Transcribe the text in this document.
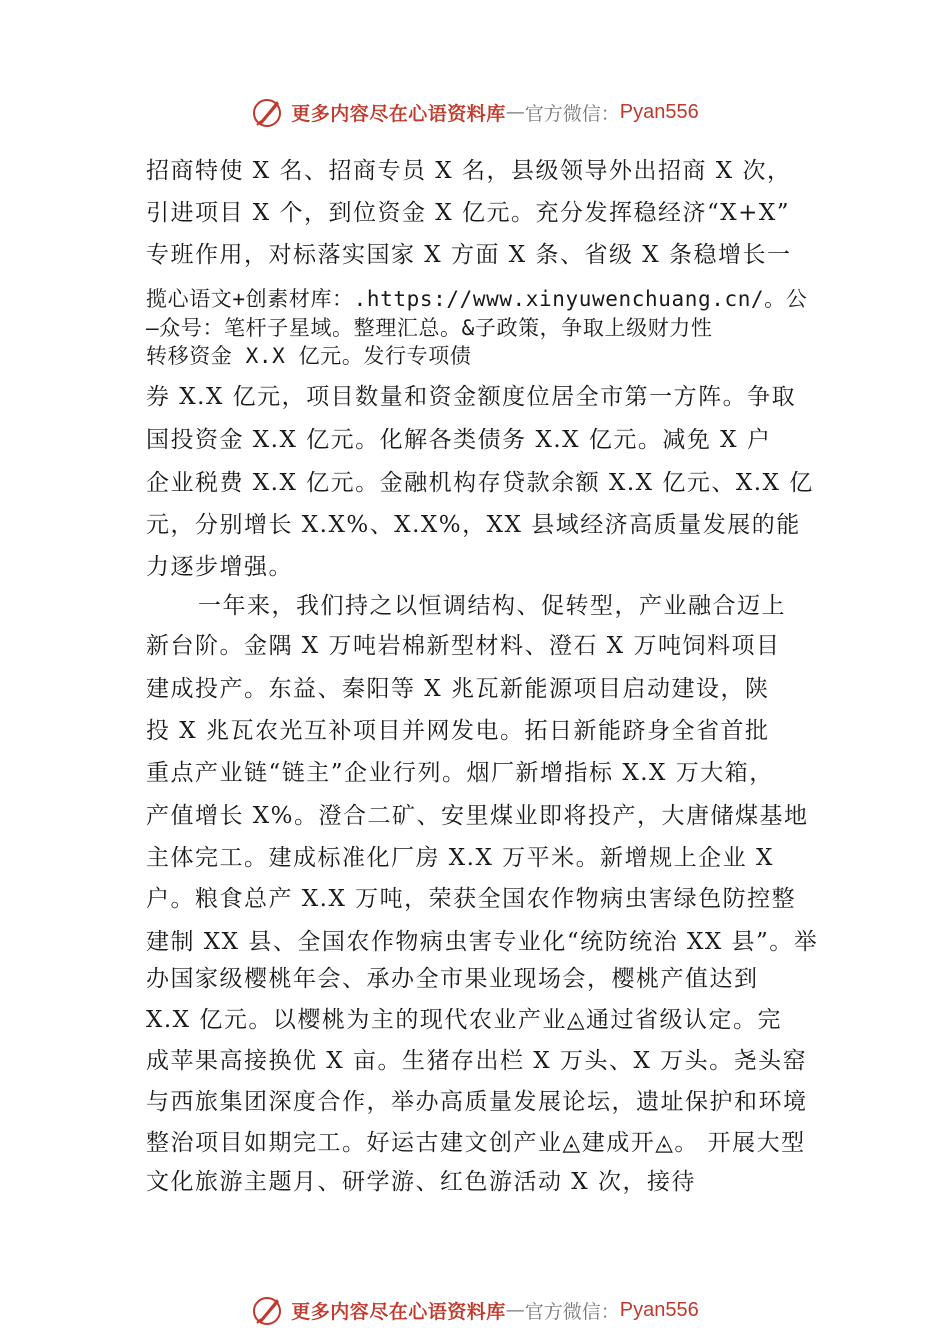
更多内容尽在心语资料库 — 官方微信： Pyan556
招商特使 X 名、招商专员 X 名，县级领导外出招商 X 次，
引进项目 X 个，到位资金 X 亿元。充分发挥稳经济“X+X”
专班作用，对标落实国家 X 方面 X 条、省级 X 条稳增长一
揽心语文+创素材库：.https://www.xinyuwenchuang.cn/。公
—众号：笔杆子星域。整理汇总。&子政策，争取上级财力性
转移资金 X.X 亿元。发行专项债
券 X.X 亿元，项目数量和资金额度位居全市第一方阵。争取
国投资金 X.X 亿元。化解各类债务 X.X 亿元。减免 X 户
企业税费 X.X 亿元。金融机构存贷款余额 X.X 亿元、X.X 亿
元，分别增长 X.X%、X.X%，XX 县域经济高质量发展的能
力逐步增强。
一年来，我们持之以恒调结构、促转型，产业融合迈上
新台阶。金隅 X 万吨岩棉新型材料、澄石 X 万吨饲料项目
建成投产。东益、秦阳等 X 兆瓦新能源项目启动建设，陕
投 X 兆瓦农光互补项目并网发电。拓日新能跻身全省首批
重点产业链“链主”企业行列。烟厂新增指标 X.X 万大箱，
产值增长 X%。澄合二矿、安里煤业即将投产，大唐储煤基地
主体完工。建成标准化厂房 X.X 万平米。新增规上企业 X
户。粮食总产 X.X 万吨，荣获全国农作物病虫害绿色防控整
建制 XX 县、全国农作物病虫害专业化“统防统治 XX 县”。举
办国家级樱桃年会、承办全市果业现场会，樱桃产值达到
X.X 亿元。以樱桃为主的现代农业产业◬通过省级认定。完
成苹果高接换优 X 亩。生猪存出栏 X 万头、X 万头。尧头窑
与西旅集团深度合作，举办高质量发展论坛，遗址保护和环境
整治项目如期完工。好运古建文创产业◬建成开◬。 开展大型
文化旅游主题月、研学游、红色游活动 X 次，接待
更多内容尽在心语资料库 — 官方微信： Pyan556
